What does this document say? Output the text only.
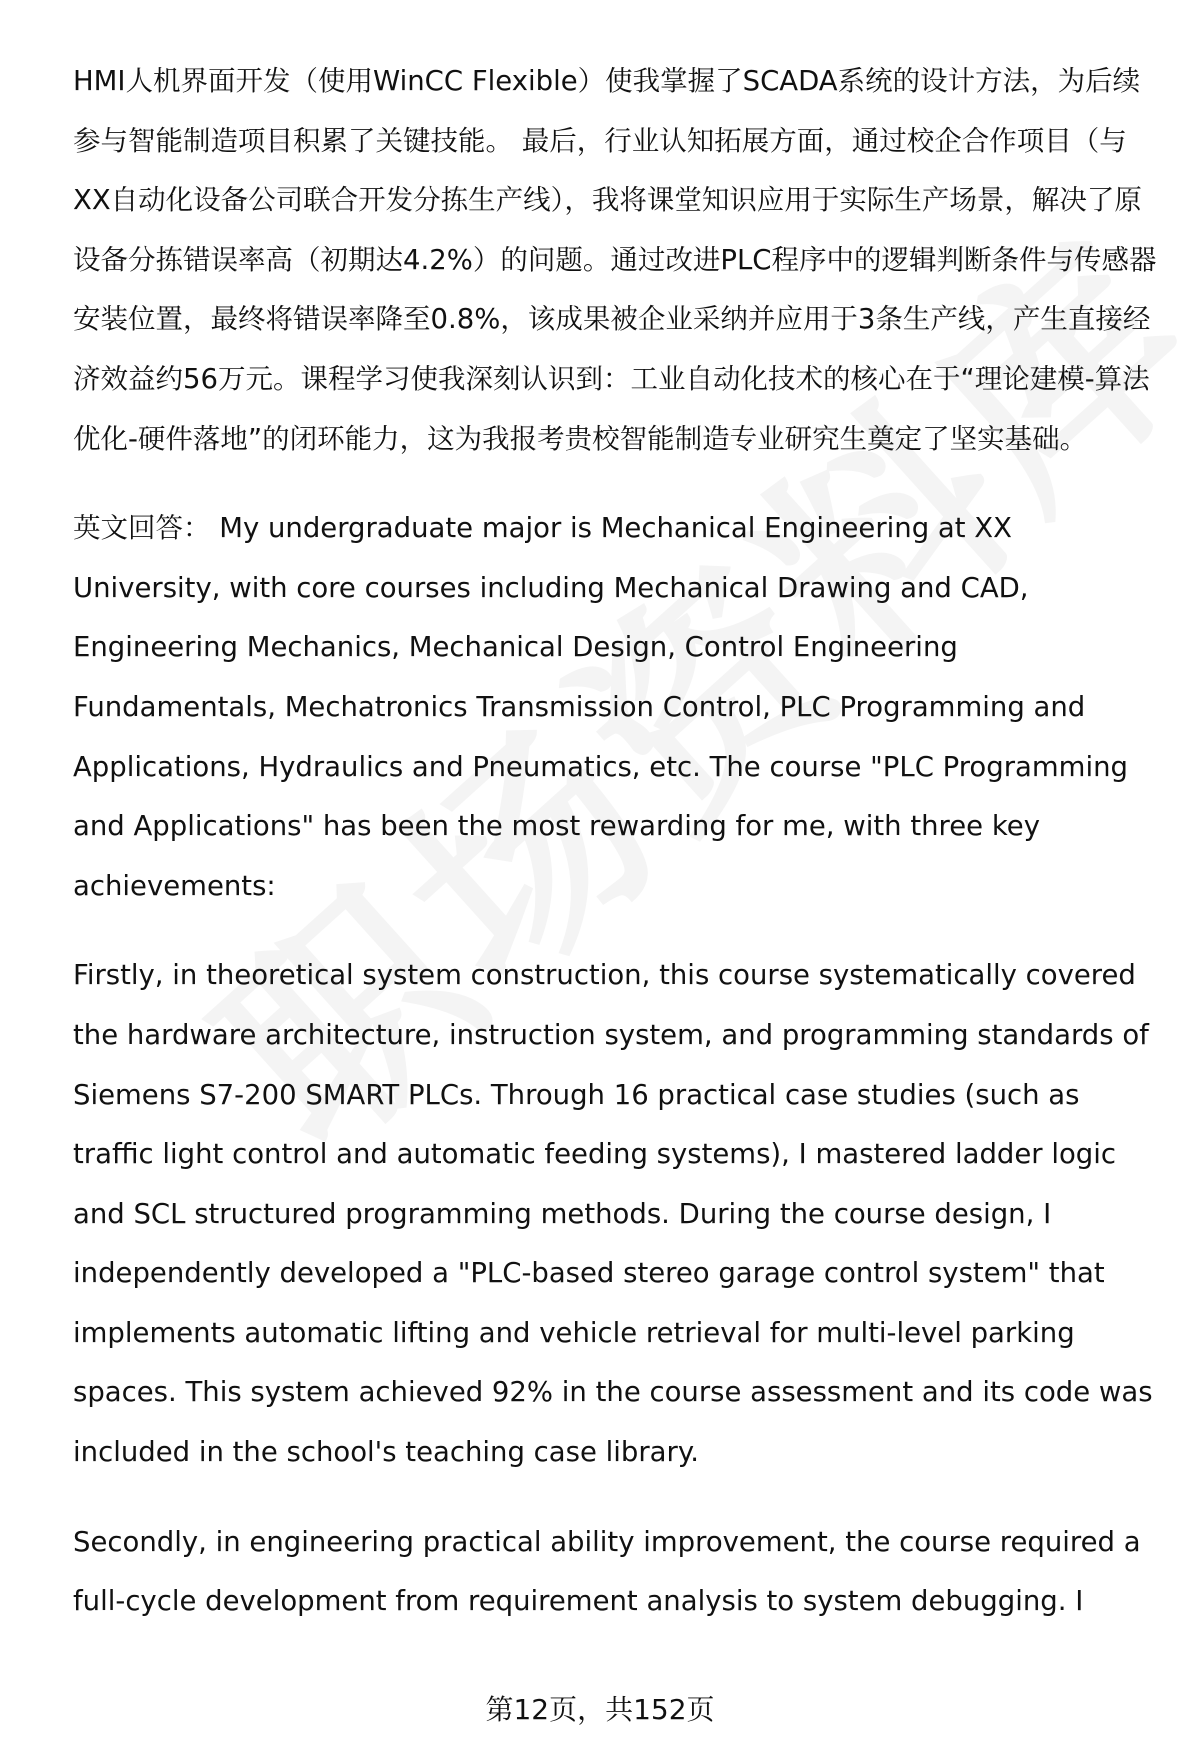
HMI人机界面开发（使用WinCC Flexible）使我掌握了SCADA系统的设计方法，为后续参与智能制造项目积累了关键技能。 最后，行业认知拓展方面，通过校企合作项目（与XX自动化设备公司联合开发分拣生产线），我将课堂知识应用于实际生产场景，解决了原设备分拣错误率高（初期达4.2%）的问题。通过改进PLC程序中的逻辑判断条件与传感器安装位置，最终将错误率降至0.8%，该成果被企业采纳并应用于3条生产线，产生直接经济效益约56万元。课程学习使我深刻认识到：工业自动化技术的核心在于“理论建模-算法优化-硬件落地”的闭环能力，这为我报考贵校智能制造专业研究生奠定了坚实基础。

英文回答： My undergraduate major is Mechanical Engineering at XX University, with core courses including Mechanical Drawing and CAD, Engineering Mechanics, Mechanical Design, Control Engineering Fundamentals, Mechatronics Transmission Control, PLC Programming and Applications, Hydraulics and Pneumatics, etc. The course "PLC Programming and Applications" has been the most rewarding for me, with three key achievements:

Firstly, in theoretical system construction, this course systematically covered the hardware architecture, instruction system, and programming standards of Siemens S7-200 SMART PLCs. Through 16 practical case studies (such as traffic light control and automatic feeding systems), I mastered ladder logic and SCL structured programming methods. During the course design, I independently developed a "PLC-based stereo garage control system" that implements automatic lifting and vehicle retrieval for multi-level parking spaces. This system achieved 92% in the course assessment and its code was included in the school's teaching case library.

Secondly, in engineering practical ability improvement, the course required a full-cycle development from requirement analysis to system debugging. I

第12页，共152页
